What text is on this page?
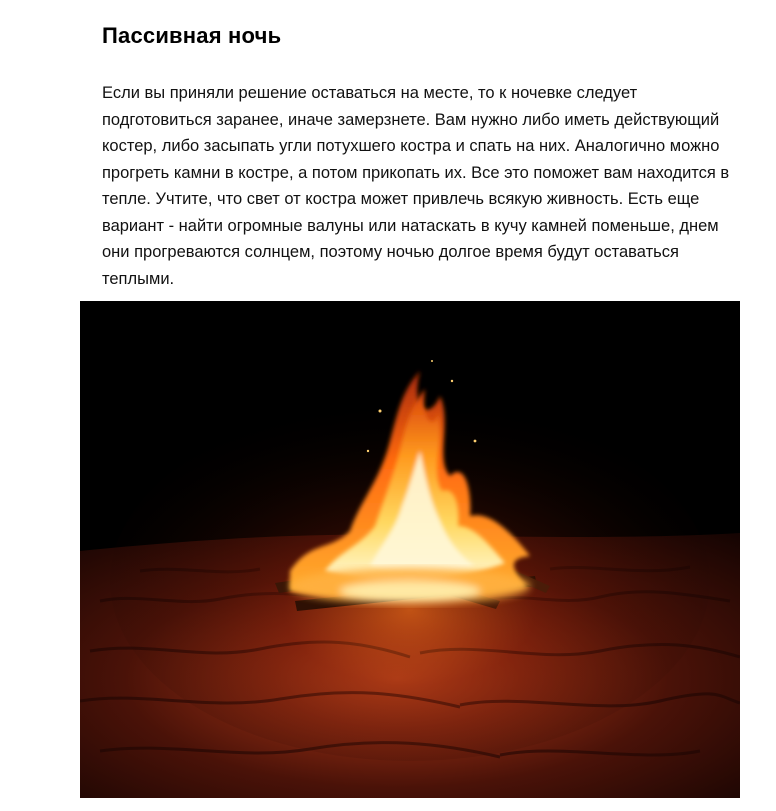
Пассивная ночь

Если вы приняли решение оставаться на месте, то к ночевке следует подготовиться заранее, иначе замерзнете. Вам нужно либо иметь действующий костер, либо засыпать угли потухшего костра и спать на них. Аналогично можно прогреть камни в костре, а потом прикопать их. Все это поможет вам находится в тепле. Учтите, что свет от костра может привлечь всякую живность. Есть еще вариант - найти огромные валуны или натаскать в кучу камней поменьше, днем они прогреваются солнцем, поэтому ночью долгое время будут оставаться теплыми.
